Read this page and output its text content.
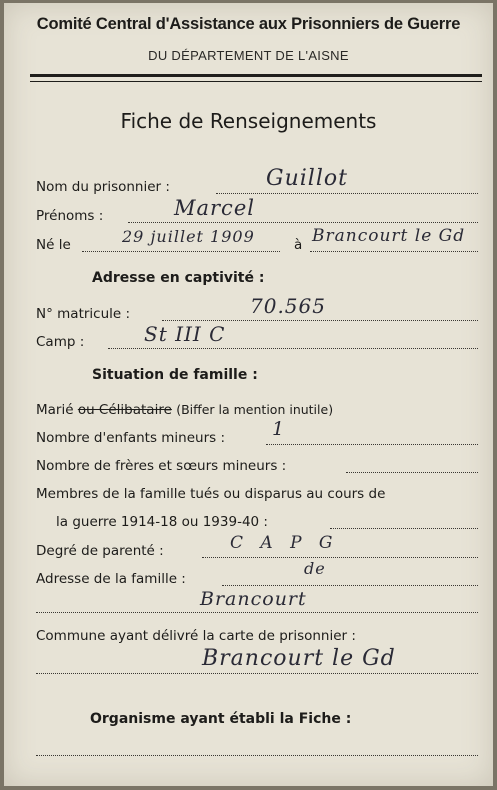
Comité Central d'Assistance aux Prisonniers de Guerre
DU DÉPARTEMENT DE L'AISNE
Fiche de Renseignements
Nom du prisonnier :	Guillot
Prénoms :	Marcel
Né le	29 juillet 1909	à Brancourt le Gd
Adresse en captivité :
N° matricule :	70.565
Camp :	St III C
Situation de famille :
Marié ou Célibataire (Biffer la mention inutile)
Nombre d'enfants mineurs : 1
Nombre de frères et sœurs mineurs :
Membres de la famille tués ou disparus au cours de
la guerre 1914-18 ou 1939-40 :
Degré de parenté :	C A P G
Adresse de la famille :
de
Brancourt
Commune ayant délivré la carte de prisonnier :
Brancourt le Gd
Organisme ayant établi la Fiche :
